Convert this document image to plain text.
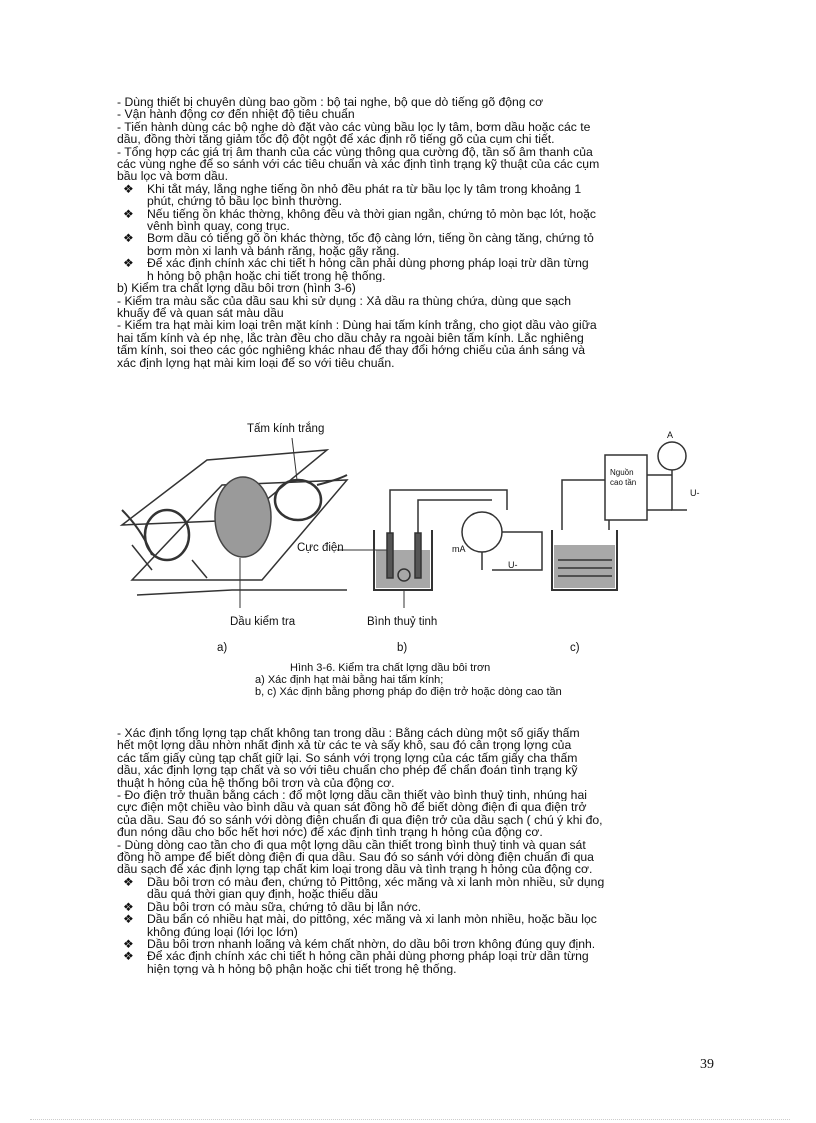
- Dùng thiết bị chuyên dùng bao gồm : bộ tai nghe, bộ que dò tiếng gõ động cơ
- Vận hành động cơ đến nhiệt độ tiêu chuẩn
- Tiến hành dùng các bộ nghe dò đặt vào các vùng bầu lọc ly tâm, bơm dầu hoặc các te
dầu, đồng thời tăng giảm tốc độ đột ngột để xác định rõ tiếng gõ của cụm chi tiết.
- Tổng hợp các giá trị âm thanh của các vùng thông qua cường độ, tần số âm thanh của
các vùng nghe để so sánh với các tiêu chuẩn và xác định tình trạng kỹ thuật của các cụm
bầu lọc và bơm dầu.
❖ Khi tắt máy, lắng nghe tiếng ồn nhỏ đều phát ra từ bầu lọc ly tâm trong khoảng 1
phút, chứng tỏ bầu lọc bình thường.
❖ Nếu tiếng ồn khác thờng, không đều và thời gian ngắn, chứng tỏ mòn bạc lót, hoặc
vênh bình quay, cong trục.
❖ Bơm dầu có tiếng gõ ồn khác thờng, tốc độ càng lớn, tiếng ồn càng tăng, chứng tỏ
bơm mòn xi lanh và bánh răng, hoặc gãy răng.
❖ Để xác định chính xác chi tiết h hỏng cần phải dùng phơng pháp loại trừ dần từng
h hỏng bộ phận hoặc chi tiết trong hệ thống.
b) Kiểm tra chất lợng dầu bôi trơn (hình 3-6)
- Kiểm tra màu sắc của dầu sau khi sử dụng : Xả dầu ra thùng chứa, dùng que sạch
khuấy để và quan sát màu dầu
- Kiểm tra hạt mài kim loại trên mặt kính : Dùng hai tấm kính trắng, cho giọt dầu vào giữa
hai tấm kính và ép nhẹ, lắc tràn đều cho dầu chảy ra ngoài biên tấm kính. Lắc nghiêng
tấm kính, soi theo các góc nghiêng khác nhau để thay đổi hớng chiếu của ánh sáng và
xác định lợng hạt mài kim loại để so với tiêu chuẩn.
Tấm kính trắng
Cực điện
Dầu kiểm tra	Bình thuỷ tinh
Nguồn cao tần
mA
A
U-
U-
a)	b)	c)
Hình 3-6. Kiểm tra chất lợng dầu bôi trơn
a) Xác định hạt mài bằng hai tấm kính;
b, c) Xác định bằng phơng pháp đo điện trở hoặc dòng cao tần
- Xác định tổng lợng tạp chất không tan trong dầu : Bằng cách dùng một số giấy thấm
hết một lợng dầu nhờn nhất định xả từ các te và sấy khô, sau đó cân trọng lợng của
các tấm giấy cùng tạp chất giữ lại. So sánh với trọng lợng của các tấm giấy cha thấm
dầu, xác định lợng tạp chất và so với tiêu chuẩn cho phép để chẩn đoán tình trạng kỹ
thuật h hỏng của hệ thống bôi trơn và của động cơ.
- Đo điện trở thuần bằng cách : đổ một lợng dầu cần thiết vào bình thuỷ tinh, nhúng hai
cực điện một chiều vào bình dầu và quan sát đồng hồ để biết dòng điện đi qua điện trở
của dầu. Sau đó so sánh với dòng điện chuẩn đi qua điện trở của dầu sạch ( chú ý khi đo,
đun nóng dầu cho bốc hết hơi nớc) để xác định tình trạng h hỏng của động cơ.
- Dùng dòng cao tần cho đi qua một lợng dầu cần thiết trong bình thuỷ tinh và quan sát
đồng hồ ampe để biết dòng điện đi qua dầu. Sau đó so sánh với dòng điện chuẩn đi qua
dầu sạch để xác định lợng tạp chất kim loại trong dầu và tình trạng h hỏng của động cơ.
❖ Dầu bôi trơn có màu đen, chứng tỏ Pittông, xéc măng và xi lanh mòn nhiều, sử dụng
dầu quá thời gian quy định, hoặc thiếu dầu
❖ Dầu bôi trơn có màu sữa, chứng tỏ dầu bị lẫn nớc.
❖ Dầu bẩn có nhiều hạt mài, do pittông, xéc măng và xi lanh mòn nhiều, hoặc bầu lọc
không đúng loại (lới lọc lớn)
❖ Dầu bôi trơn nhanh loãng và kém chất nhờn, do dầu bôi trơn không đúng quy định.
❖ Để xác định chính xác chi tiết h hỏng cần phải dùng phơng pháp loại trừ dần từng
hiện tợng và h hỏng bộ phận hoặc chi tiết trong hệ thống.
39
